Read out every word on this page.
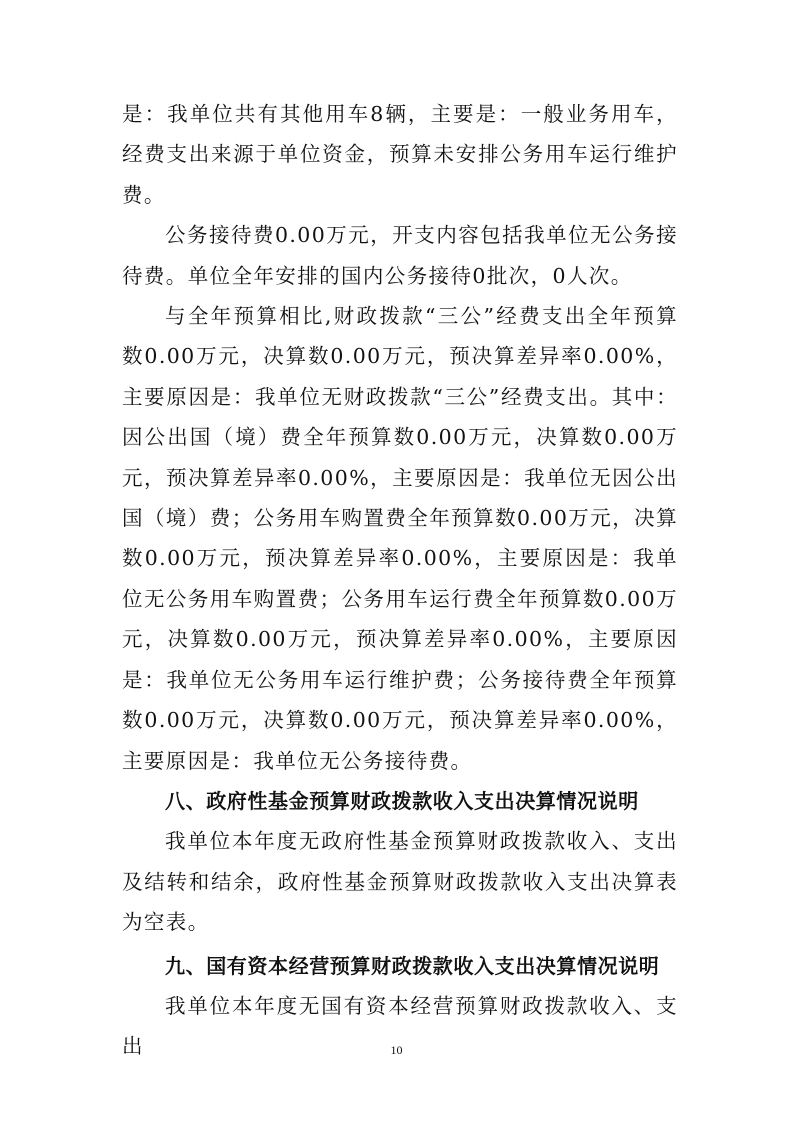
是：我单位共有其他用车8辆，主要是：一般业务用车，经费支出来源于单位资金，预算未安排公务用车运行维护费。

公务接待费0.00万元，开支内容包括我单位无公务接待费。单位全年安排的国内公务接待0批次，0人次。

与全年预算相比,财政拨款“三公”经费支出全年预算数0.00万元，决算数0.00万元，预决算差异率0.00%，主要原因是：我单位无财政拨款“三公”经费支出。其中：因公出国（境）费全年预算数0.00万元，决算数0.00万元，预决算差异率0.00%，主要原因是：我单位无因公出国（境）费；公务用车购置费全年预算数0.00万元，决算数0.00万元，预决算差异率0.00%，主要原因是：我单位无公务用车购置费；公务用车运行费全年预算数0.00万元，决算数0.00万元，预决算差异率0.00%，主要原因是：我单位无公务用车运行维护费；公务接待费全年预算数0.00万元，决算数0.00万元，预决算差异率0.00%，主要原因是：我单位无公务接待费。

八、政府性基金预算财政拨款收入支出决算情况说明

我单位本年度无政府性基金预算财政拨款收入、支出及结转和结余，政府性基金预算财政拨款收入支出决算表为空表。

九、国有资本经营预算财政拨款收入支出决算情况说明

我单位本年度无国有资本经营预算财政拨款收入、支出	10
